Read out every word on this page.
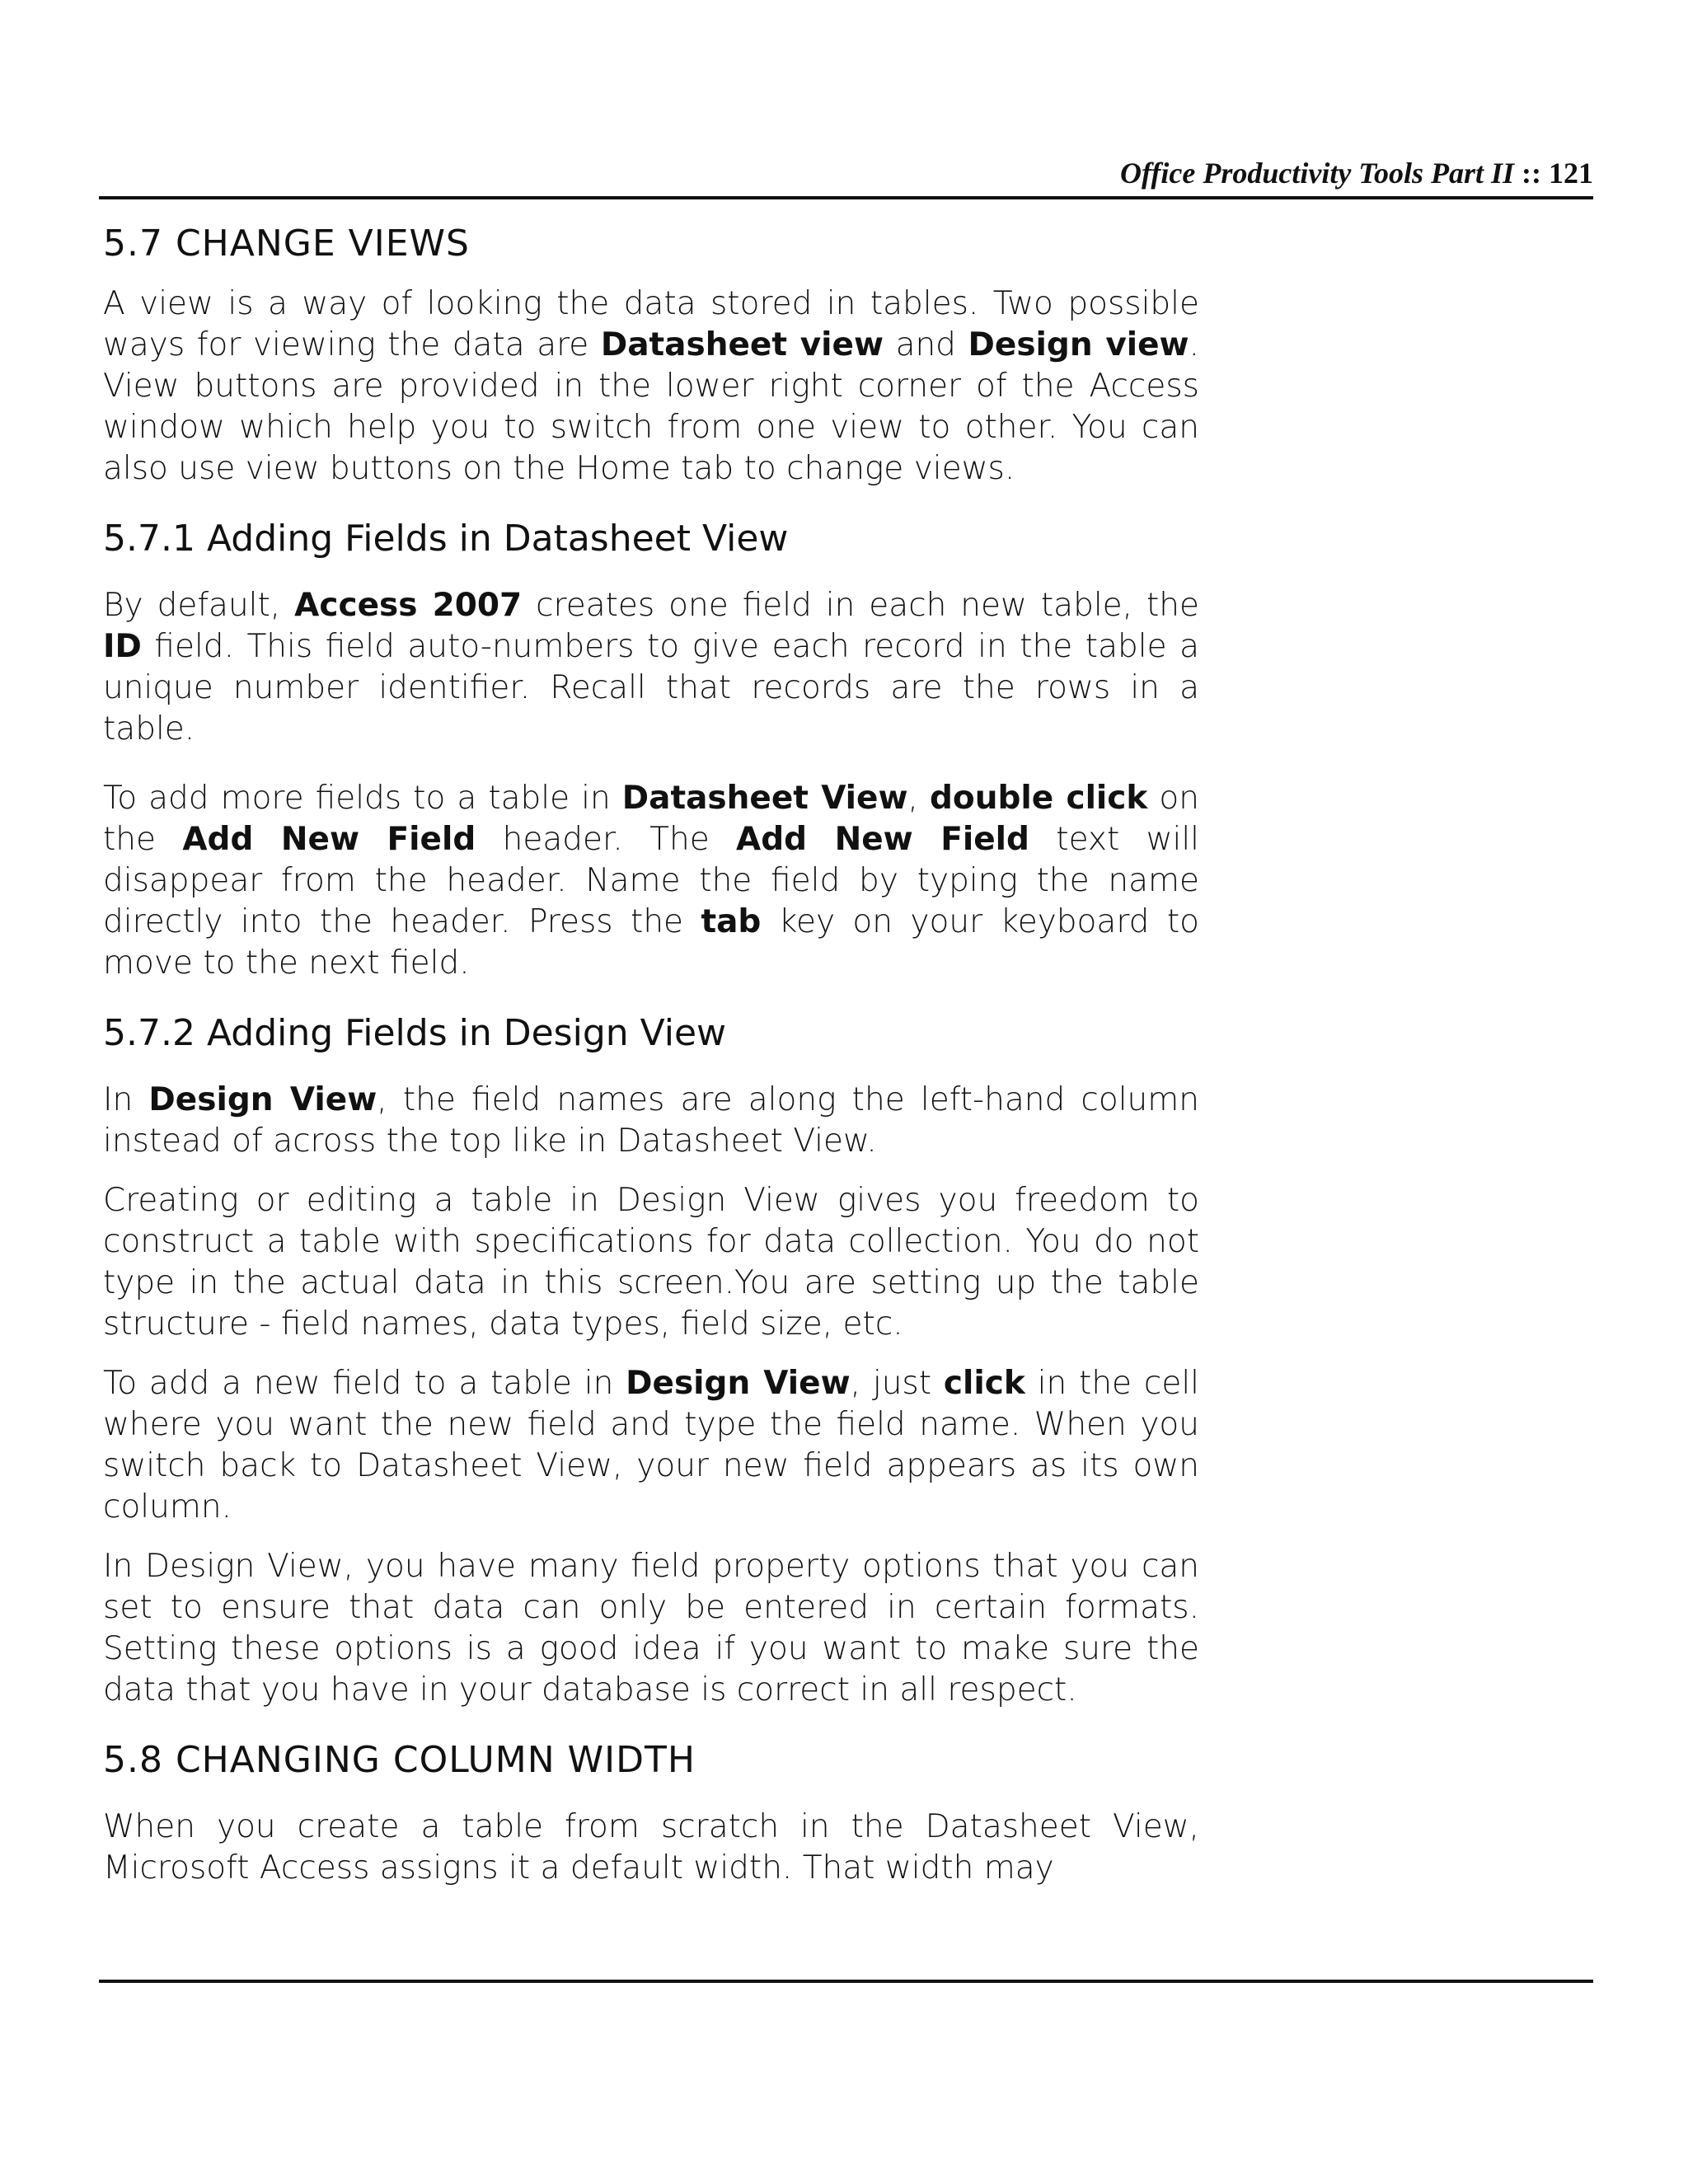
Office Productivity Tools Part II :: 121
5.7 CHANGE VIEWS

A view is a way of looking the data stored in tables. Two possible ways for viewing the data are Datasheet view and Design view. View buttons are provided in the lower right corner of the Access window which help you to switch from one view to other. You can also use view buttons on the Home tab to change views.

5.7.1 Adding Fields in Datasheet View

By default, Access 2007 creates one field in each new table, the ID field. This field auto-numbers to give each record in the table a unique number identifier. Recall that records are the rows in a table.

To add more fields to a table in Datasheet View, double click on the Add New Field header. The Add New Field text will disappear from the header. Name the field by typing the name directly into the header. Press the tab key on your keyboard to move to the next field.

5.7.2 Adding Fields in Design View

In Design View, the field names are along the left-hand column instead of across the top like in Datasheet View.

Creating or editing a table in Design View gives you freedom to construct a table with specifications for data collection. You do not type in the actual data in this screen.You are setting up the table structure - field names, data types, field size, etc.

To add a new field to a table in Design View, just click in the cell where you want the new field and type the field name. When you switch back to Datasheet View, your new field appears as its own column.

In Design View, you have many field property options that you can set to ensure that data can only be entered in certain formats. Setting these options is a good idea if you want to make sure the data that you have in your database is correct in all respect.

5.8 CHANGING COLUMN WIDTH

When you create a table from scratch in the Datasheet View, Microsoft Access assigns it a default width. That width may
